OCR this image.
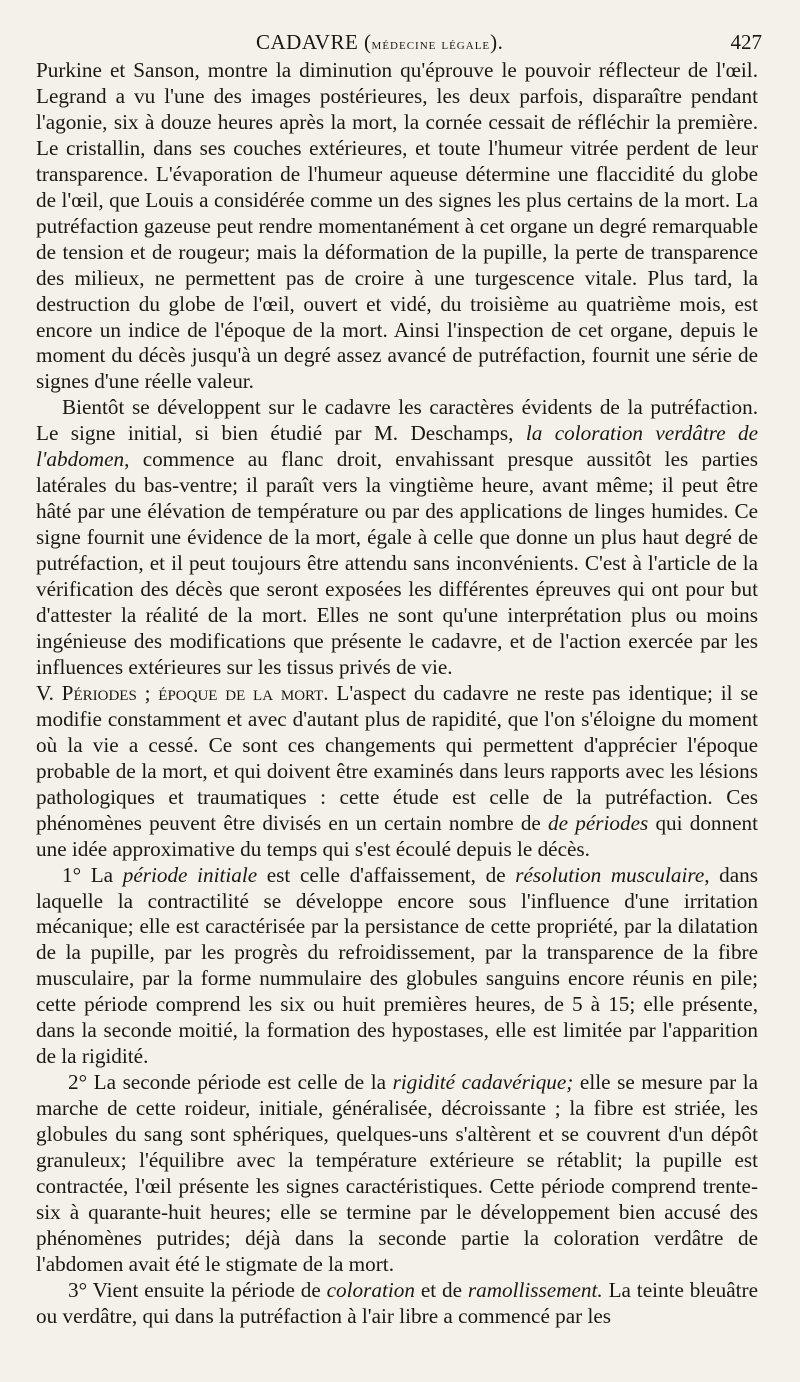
CADAVRE (médecine légale).	427

Purkine et Sanson, montre la diminution qu'éprouve le pouvoir réflecteur de l'œil. Legrand a vu l'une des images postérieures, les deux parfois, disparaître pendant l'agonie, six à douze heures après la mort, la cornée cessait de réfléchir la première. Le cristallin, dans ses couches extérieures, et toute l'humeur vitrée perdent de leur transparence. L'évaporation de l'humeur aqueuse détermine une flaccidité du globe de l'œil, que Louis a considérée comme un des signes les plus certains de la mort. La putréfaction gazeuse peut rendre momentanément à cet organe un degré remarquable de tension et de rougeur; mais la déformation de la pupille, la perte de transparence des milieux, ne permettent pas de croire à une turgescence vitale. Plus tard, la destruction du globe de l'œil, ouvert et vidé, du troisième au quatrième mois, est encore un indice de l'époque de la mort. Ainsi l'inspection de cet organe, depuis le moment du décès jusqu'à un degré assez avancé de putréfaction, fournit une série de signes d'une réelle valeur.

Bientôt se développent sur le cadavre les caractères évidents de la putréfaction. Le signe initial, si bien étudié par M. Deschamps, la coloration verdâtre de l'abdomen, commence au flanc droit, envahissant presque aussitôt les parties latérales du bas-ventre; il paraît vers la vingtième heure, avant même; il peut être hâté par une élévation de température ou par des applications de linges humides. Ce signe fournit une évidence de la mort, égale à celle que donne un plus haut degré de putréfaction, et il peut toujours être attendu sans inconvénients. C'est à l'article de la vérification des décès que seront exposées les différentes épreuves qui ont pour but d'attester la réalité de la mort. Elles ne sont qu'une interprétation plus ou moins ingénieuse des modifications que présente le cadavre, et de l'action exercée par les influences extérieures sur les tissus privés de vie.

V. Périodes ; époque de la mort. L'aspect du cadavre ne reste pas identique; il se modifie constamment et avec d'autant plus de rapidité, que l'on s'éloigne du moment où la vie a cessé. Ce sont ces changements qui permettent d'apprécier l'époque probable de la mort, et qui doivent être examinés dans leurs rapports avec les lésions pathologiques et traumatiques : cette étude est celle de la putréfaction. Ces phénomènes peuvent être divisés en un certain nombre de de périodes qui donnent une idée approximative du temps qui s'est écoulé depuis le décès.

1° La période initiale est celle d'affaissement, de résolution musculaire, dans laquelle la contractilité se développe encore sous l'influence d'une irritation mécanique; elle est caractérisée par la persistance de cette propriété, par la dilatation de la pupille, par les progrès du refroidissement, par la transparence de la fibre musculaire, par la forme nummulaire des globules sanguins encore réunis en pile; cette période comprend les six ou huit premières heures, de 5 à 15; elle présente, dans la seconde moitié, la formation des hypostases, elle est limitée par l'apparition de la rigidité.

2° La seconde période est celle de la rigidité cadavérique; elle se mesure par la marche de cette roideur, initiale, généralisée, décroissante ; la fibre est striée, les globules du sang sont sphériques, quelques-uns s'altèrent et se couvrent d'un dépôt granuleux; l'équilibre avec la température extérieure se rétablit; la pupille est contractée, l'œil présente les signes caractéristiques. Cette période comprend trente-six à quarante-huit heures; elle se termine par le développement bien accusé des phénomènes putrides; déjà dans la seconde partie la coloration verdâtre de l'abdomen avait été le stigmate de la mort.

3° Vient ensuite la période de coloration et de ramollissement. La teinte bleuâtre ou verdâtre, qui dans la putréfaction à l'air libre a commencé par les
